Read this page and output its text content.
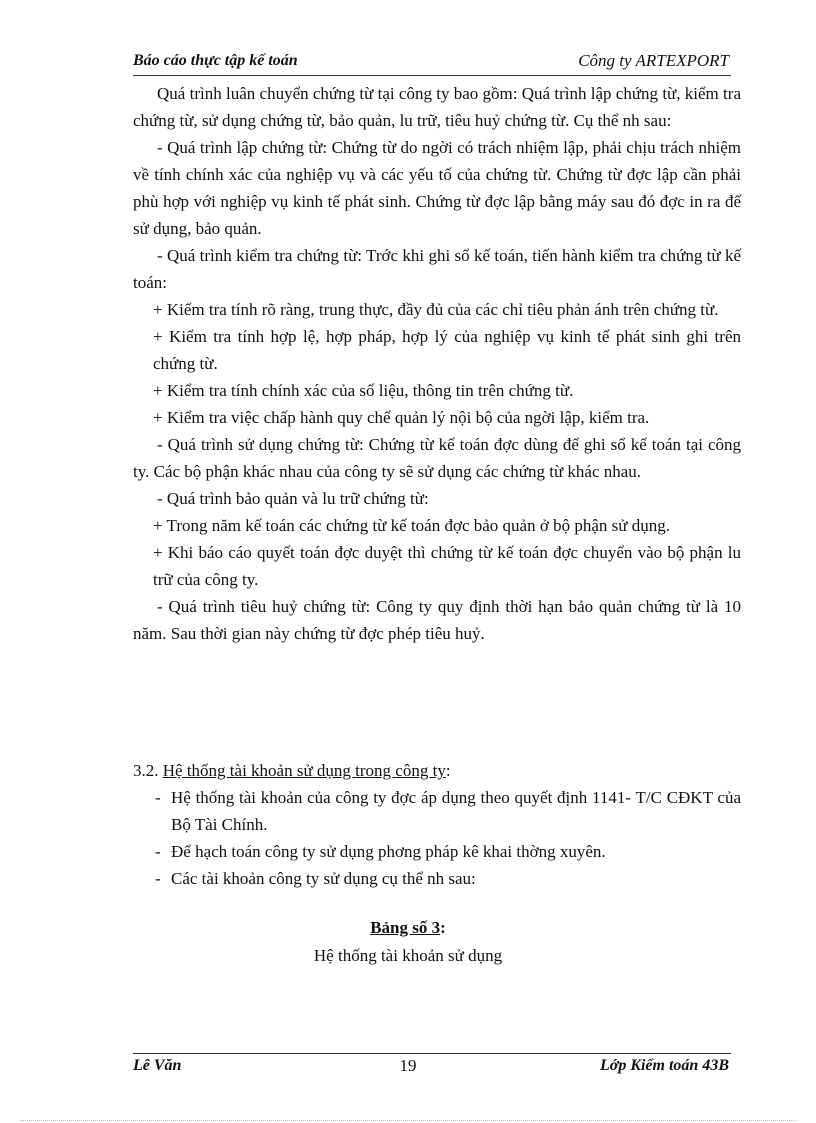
Báo cáo thực tập kế toán	Công ty ARTEXPORT

Quá trình luân chuyển chứng từ tại công ty bao gồm: Quá trình lập chứng từ, kiểm tra chứng từ, sử dụng chứng từ, bảo quản, lu trữ, tiêu huỷ chứng từ. Cụ thể nh sau:

- Quá trình lập chứng từ: Chứng từ do ngời có trách nhiệm lập, phải chịu trách nhiệm về tính chính xác của nghiệp vụ và các yếu tố của chứng từ. Chứng từ đợc lập cần phải phù hợp với nghiệp vụ kinh tế phát sinh. Chứng từ đợc lập bằng máy sau đó đợc in ra để sử dụng, bảo quản.

- Quá trình kiểm tra chứng từ: Trớc khi ghi sổ kế toán, tiến hành kiểm tra chứng từ kế toán:

+ Kiểm tra tính rõ ràng, trung thực, đầy đủ của các chỉ tiêu phản ánh trên chứng từ.

+ Kiểm tra tính hợp lệ, hợp pháp, hợp lý của nghiệp vụ kinh tế phát sinh ghi trên chứng từ.

+ Kiểm tra tính chính xác của số liệu, thông tin trên chứng từ.

+ Kiểm tra việc chấp hành quy chế quản lý nội bộ của ngời lập, kiểm tra.

- Quá trình sử dụng chứng từ: Chứng từ kế toán đợc dùng để ghi sổ kế toán tại công ty. Các bộ phận khác nhau của công ty sẽ sử dụng các chứng từ khác nhau.

- Quá trình bảo quản và lu trữ chứng từ:

+ Trong năm kế toán các chứng từ kế toán đợc bảo quản ở bộ phận sử dụng.

+ Khi báo cáo quyết toán đợc duyệt thì chứng từ kế toán đợc chuyển vào bộ phận lu trữ của công ty.

- Quá trình tiêu huỷ chứng từ: Công ty quy định thời hạn bảo quản chứng từ là 10 năm. Sau thời gian này chứng từ đợc phép tiêu huỷ.

3.2. Hệ thống tài khoản sử dụng trong công ty:

- Hệ thống tài khoản của công ty đợc áp dụng theo quyết định 1141- T/C CĐKT của Bộ Tài Chính.

- Để hạch toán công ty sử dụng phơng pháp kê khai thờng xuyên.

- Các tài khoản công ty sử dụng cụ thể nh sau:

Bảng số 3:
Hệ thống tài khoản sử dụng
Lê Văn	19	Lớp Kiểm toán 43B
